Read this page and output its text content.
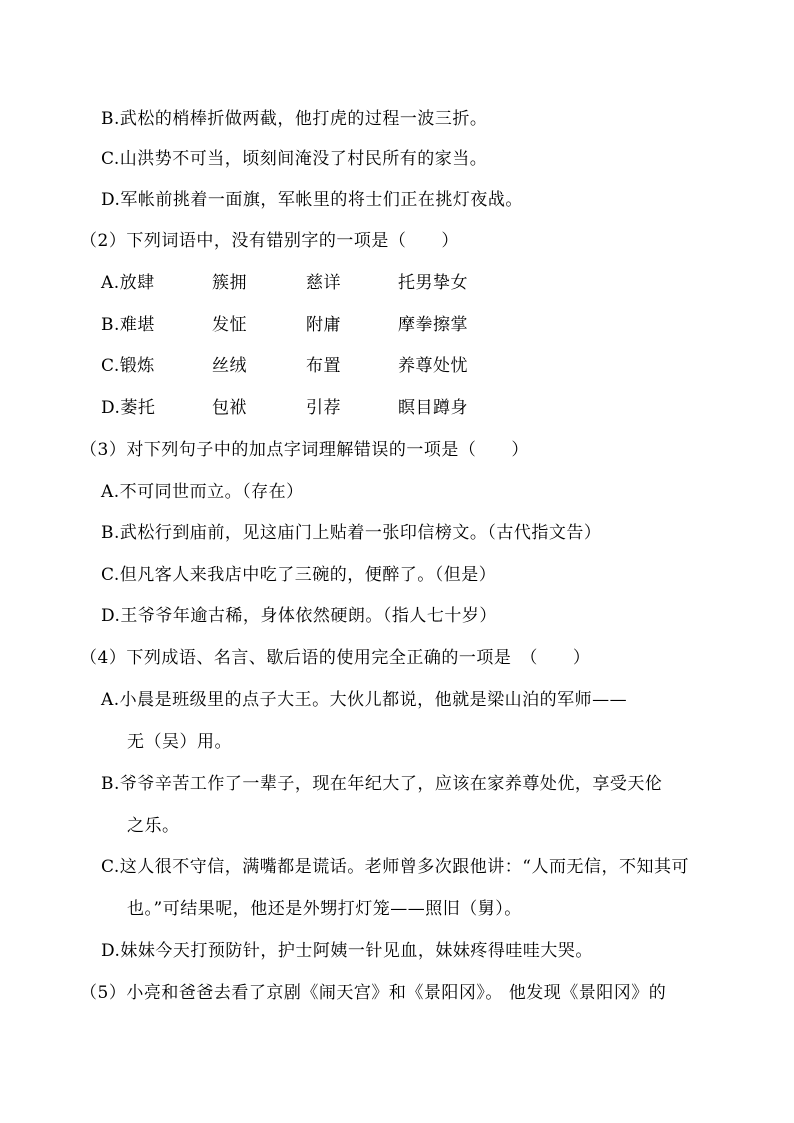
B.武松的梢棒折做两截，他打虎的过程一波三折。
C.山洪势不可当，顷刻间淹没了村民所有的家当。
D.军帐前挑着一面旗，军帐里的将士们正在挑灯夜战。
（2）下列词语中，没有错别字的一项是（　　）
A.放肆	簇拥	慈详	托男挚女
B.难堪	发怔	附庸	摩拳擦掌
C.锻炼	丝绒	布置	养尊处忧
D.萎托	包袱	引荐	瞑目蹲身
（3）对下列句子中的加点字词理解错误的一项是（　　）
A.不可同世而立。（存在）
B.武松行到庙前，见这庙门上贴着一张印信榜文。（古代指文告）
C.但凡客人来我店中吃了三碗的，便醉了。（但是）
D.王爷爷年逾古稀，身体依然硬朗。（指人七十岁）
（4）下列成语、名言、歇后语的使用完全正确的一项是　（　　）
A.小晨是班级里的点子大王。大伙儿都说，他就是梁山泊的军师——
无（吴）用。
B.爷爷辛苦工作了一辈子，现在年纪大了，应该在家养尊处优，享受天伦
之乐。
C.这人很不守信，满嘴都是谎话。老师曾多次跟他讲：“人而无信，不知其可
也。”可结果呢，他还是外甥打灯笼——照旧（舅）。
D.妹妹今天打预防针，护士阿姨一针见血，妹妹疼得哇哇大哭。
（5）小亮和爸爸去看了京剧《闹天宫》和《景阳冈》。 他发现《景阳冈》的
